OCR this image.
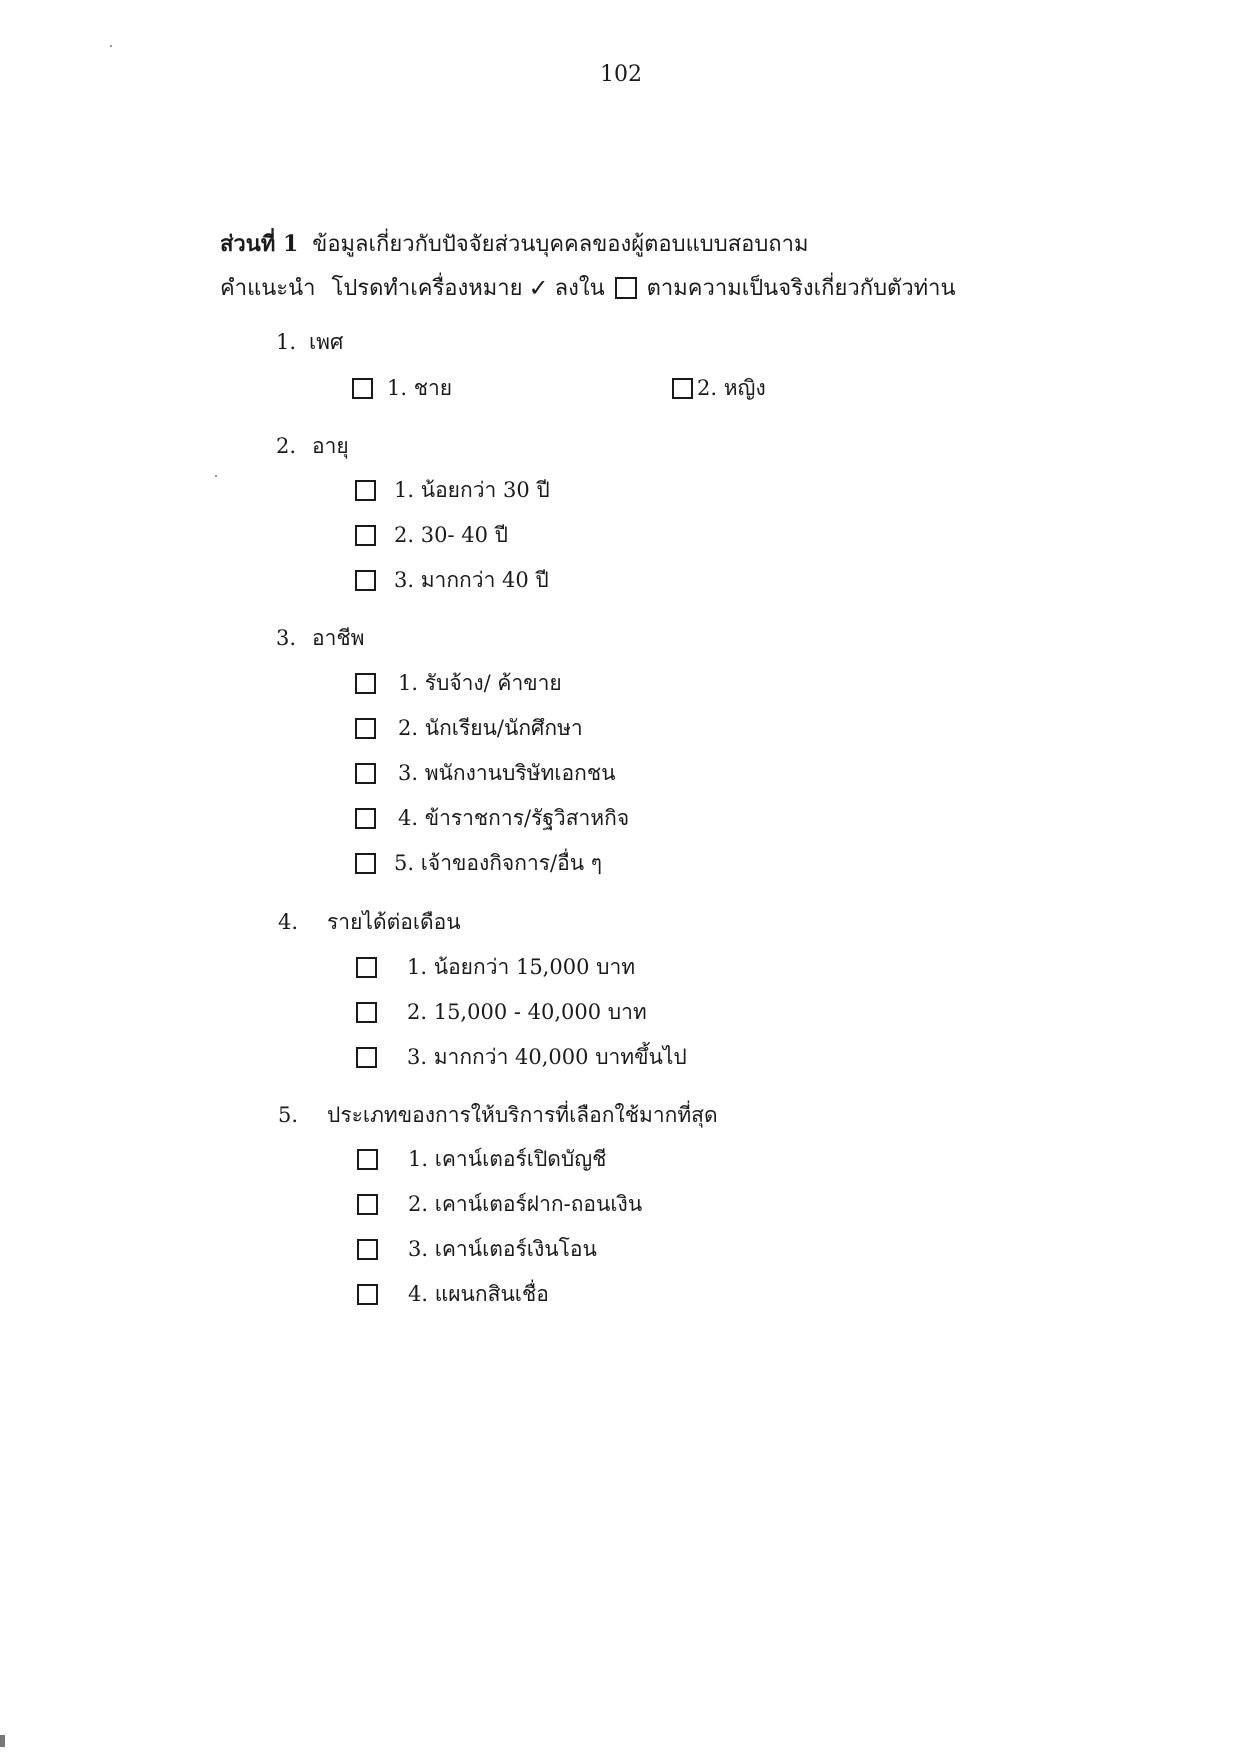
102
ส่วนที่ 1 ข้อมูลเกี่ยวกับปัจจัยส่วนบุคคลของผู้ตอบแบบสอบถาม
คำแนะนำ โปรดทำเครื่องหมาย ✓ ลงใน ตามความเป็นจริงเกี่ยวกับตัวท่าน
1. เพศ
1. ชาย	2. หญิง
2. อายุ
1. น้อยกว่า 30 ปี
2. 30- 40 ปี
3. มากกว่า 40 ปี
3. อาชีพ
1. รับจ้าง/ ค้าขาย
2. นักเรียน/นักศึกษา
3. พนักงานบริษัทเอกชน
4. ข้าราชการ/รัฐวิสาหกิจ
5. เจ้าของกิจการ/อื่น ๆ
4. รายได้ต่อเดือน
1. น้อยกว่า 15,000 บาท
2. 15,000 - 40,000 บาท
3. มากกว่า 40,000 บาทขึ้นไป
5. ประเภทของการให้บริการที่เลือกใช้มากที่สุด
1. เคาน์เตอร์เปิดบัญชี
2. เคาน์เตอร์ฝาก-ถอนเงิน
3. เคาน์เตอร์เงินโอน
4. แผนกสินเชื่อ
